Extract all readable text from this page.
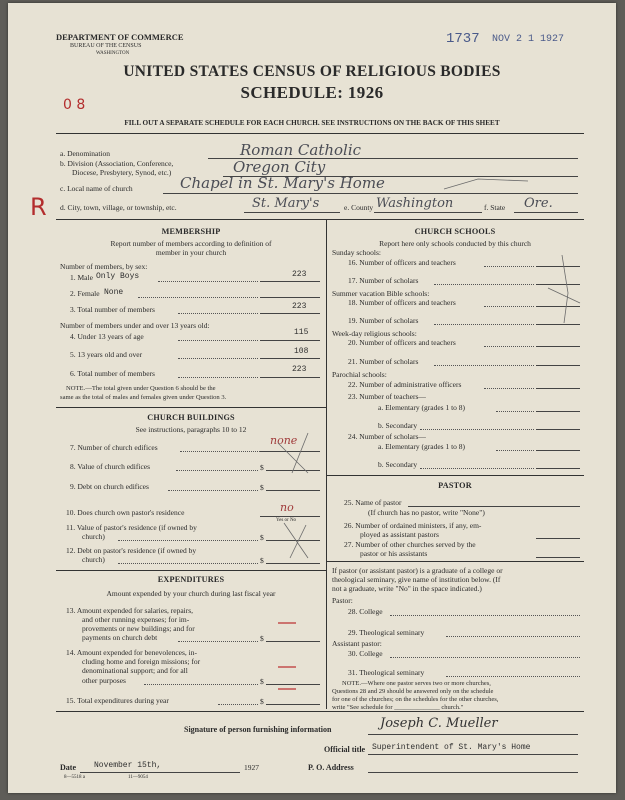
DEPARTMENT OF COMMERCE
BUREAU OF THE CENSUS
WASHINGTON
1737 NOV 2 1 1927
UNITED STATES CENSUS OF RELIGIOUS BODIES
SCHEDULE: 1926
0 8
FILL OUT A SEPARATE SCHEDULE FOR EACH CHURCH. SEE INSTRUCTIONS ON THE BACK OF THIS SHEET
a. Denomination	Roman Catholic
b. Division (Association, Conference,
Diocese, Presbytery, Synod, etc.)	Oregon City
c. Local name of church	Chapel in St. Mary's Home
R d. City, town, village, or township, etc.	St. Mary's	e. County Washington	f. State Ore.
MEMBERSHIP
Report number of members according to definition of
member in your church
Number of members, by sex:
1. Male Only Boys	223
2. Female None
3. Total number of members	223
Number of members under and over 13 years old:
4. Under 13 years of age	115
5. 13 years old and over	108
6. Total number of members	223
NOTE.—The total given under Question 6 should be the
same as the total of males and females given under Question 3.
CHURCH BUILDINGS
See instructions, paragraphs 10 to 12
7. Number of church edifices
none
8. Value of church edifices	$
9. Debt on church edifices	$
10. Does church own pastor's residence	no
Yes or No
11. Value of pastor's residence (if owned by
church)	$
12. Debt on pastor's residence (if owned by
church)	$
EXPENDITURES
Amount expended by your church during last fiscal year
13. Amount expended for salaries, repairs,
and other running expenses; for im-
provements or new buildings; and for
payments on church debt	$
14. Amount expended for benevolences, in-
cluding home and foreign missions; for
denominational support; and for all
other purposes	$
15. Total expenditures during year	$
CHURCH SCHOOLS
Report here only schools conducted by this church
Sunday schools:
16. Number of officers and teachers
17. Number of scholars
Summer vacation Bible schools:
18. Number of officers and teachers
19. Number of scholars
Week-day religious schools:
20. Number of officers and teachers
21. Number of scholars
Parochial schools:
22. Number of administrative officers
23. Number of teachers—
a. Elementary (grades 1 to 8)
b. Secondary
24. Number of scholars—
a. Elementary (grades 1 to 8)
b. Secondary
PASTOR
25. Name of pastor
(If church has no pastor, write "None")
26. Number of ordained ministers, if any, em-
ployed as assistant pastors
27. Number of other churches served by the
pastor or his assistants
If pastor (or assistant pastor) is a graduate of a college or
theological seminary, give name of institution below. (If
not a graduate, write "No" in the space indicated.)
Pastor:
28. College
29. Theological seminary
Assistant pastor:
30. College
31. Theological seminary
NOTE.—Where one pastor serves two or more churches,
Questions 28 and 29 should be answered only on the schedule
for one of the churches; on the schedules for the other churches,
write "See schedule for ______________ church."
Signature of person furnishing information	Joseph C. Mueller
Official title Superintendent of St. Mary's Home
Date November 15th,	1927	P. O. Address
8—5518 a	11—9054
